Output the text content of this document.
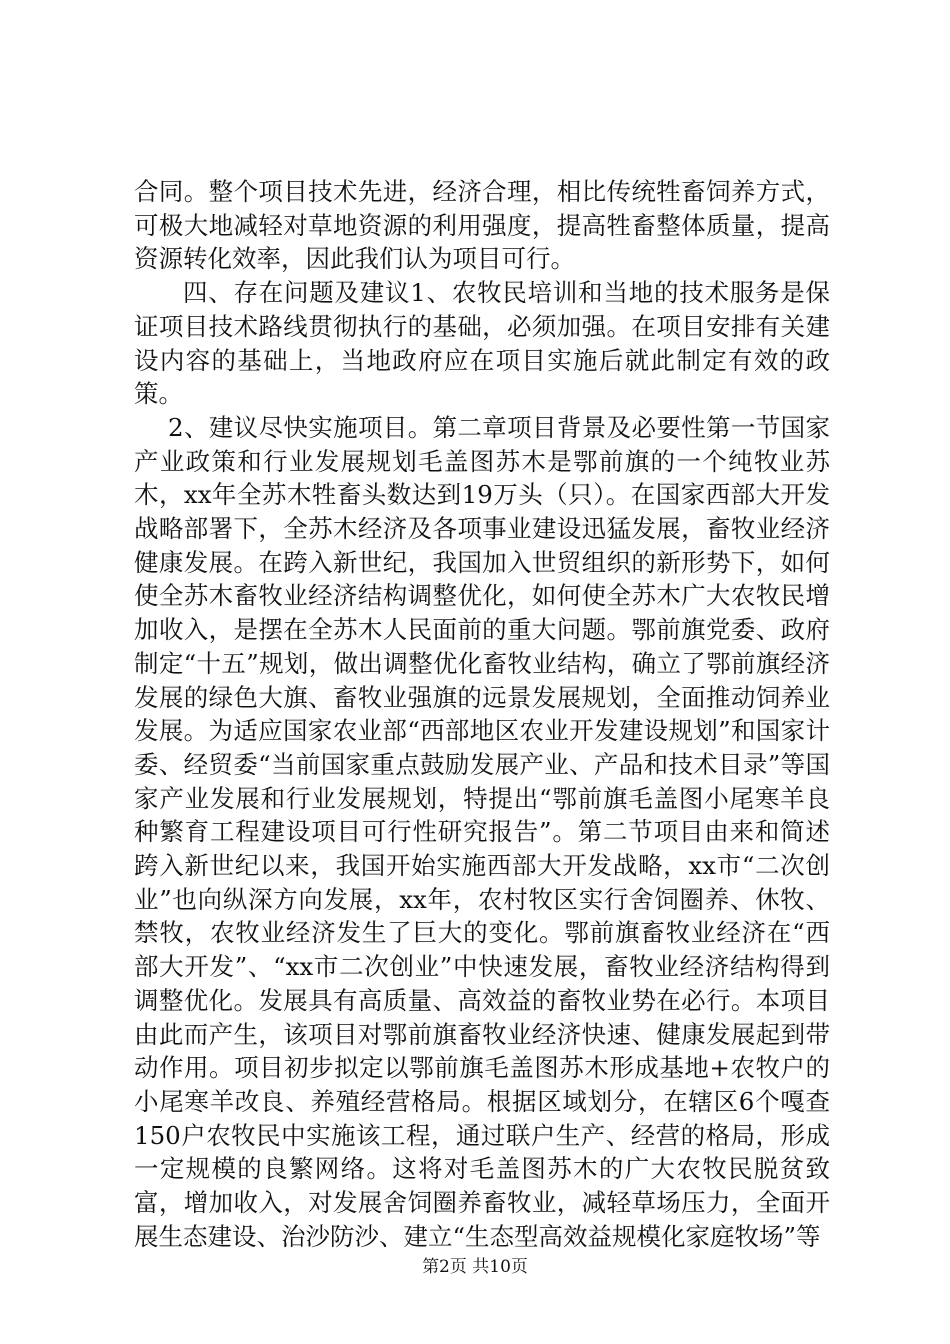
合同。整个项目技术先进，经济合理，相比传统牲畜饲养方式，可极大地减轻对草地资源的利用强度，提高牲畜整体质量，提高资源转化效率，因此我们认为项目可行。

四、存在问题及建议1、农牧民培训和当地的技术服务是保证项目技术路线贯彻执行的基础，必须加强。在项目安排有关建设内容的基础上，当地政府应在项目实施后就此制定有效的政策。

2、建议尽快实施项目。第二章项目背景及必要性第一节国家产业政策和行业发展规划毛盖图苏木是鄂前旗的一个纯牧业苏木，xx年全苏木牲畜头数达到19万头（只）。在国家西部大开发战略部署下，全苏木经济及各项事业建设迅猛发展，畜牧业经济健康发展。在跨入新世纪，我国加入世贸组织的新形势下，如何使全苏木畜牧业经济结构调整优化，如何使全苏木广大农牧民增加收入，是摆在全苏木人民面前的重大问题。鄂前旗党委、政府制定“十五”规划，做出调整优化畜牧业结构，确立了鄂前旗经济发展的绿色大旗、畜牧业强旗的远景发展规划，全面推动饲养业发展。为适应国家农业部“西部地区农业开发建设规划”和国家计委、经贸委“当前国家重点鼓励发展产业、产品和技术目录”等国家产业发展和行业发展规划，特提出“鄂前旗毛盖图小尾寒羊良种繁育工程建设项目可行性研究报告”。第二节项目由来和简述跨入新世纪以来，我国开始实施西部大开发战略，xx市“二次创业”也向纵深方向发展，xx年，农村牧区实行舍饲圈养、休牧、禁牧，农牧业经济发生了巨大的变化。鄂前旗畜牧业经济在“西部大开发”、“xx市二次创业”中快速发展，畜牧业经济结构得到调整优化。发展具有高质量、高效益的畜牧业势在必行。本项目由此而产生，该项目对鄂前旗畜牧业经济快速、健康发展起到带动作用。项目初步拟定以鄂前旗毛盖图苏木形成基地+农牧户的小尾寒羊改良、养殖经营格局。根据区域划分，在辖区6个嘎查150户农牧民中实施该工程，通过联户生产、经营的格局，形成一定规模的良繁网络。这将对毛盖图苏木的广大农牧民脱贫致富，增加收入，对发展舍饲圈养畜牧业，减轻草场压力，全面开展生态建设、治沙防沙、建立“生态型高效益规模化家庭牧场”等

第2页 共10页
